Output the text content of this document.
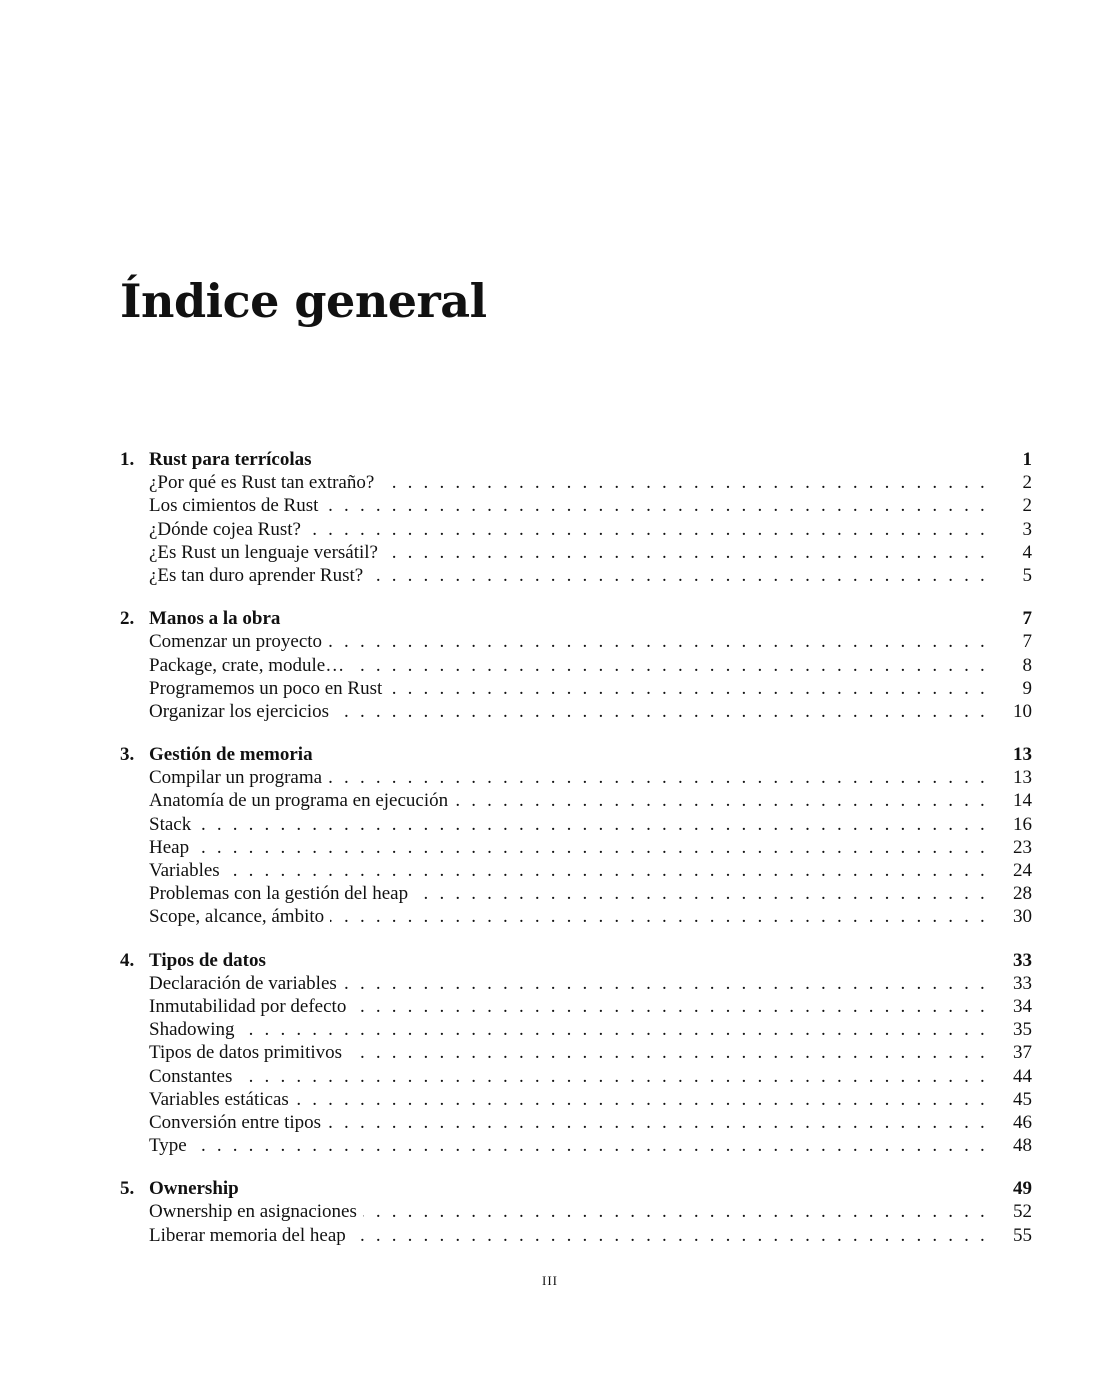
Índice general
1. Rust para terrícolas	1
¿Por qué es Rust tan extraño? . . .	2
Los cimientos de Rust . . .	2
¿Dónde cojea Rust? . . .	3
¿Es Rust un lenguaje versátil? . . .	4
¿Es tan duro aprender Rust? . . .	5
2. Manos a la obra	7
Comenzar un proyecto . . .	7
Package, crate, module… . . .	8
Programemos un poco en Rust . . .	9
Organizar los ejercicios . . .	10
3. Gestión de memoria	13
Compilar un programa . . .	13
Anatomía de un programa en ejecución . . .	14
Stack . . .	16
Heap . . .	23
Variables . . .	24
Problemas con la gestión del heap . . .	28
Scope, alcance, ámbito . . .	30
4. Tipos de datos	33
Declaración de variables . . .	33
Inmutabilidad por defecto . . .	34
Shadowing . . .	35
Tipos de datos primitivos . . .	37
Constantes . . .	44
Variables estáticas . . .	45
Conversión entre tipos . . .	46
Type . . .	48
5. Ownership	49
Ownership en asignaciones . . .	52
Liberar memoria del heap . . .	55
III
